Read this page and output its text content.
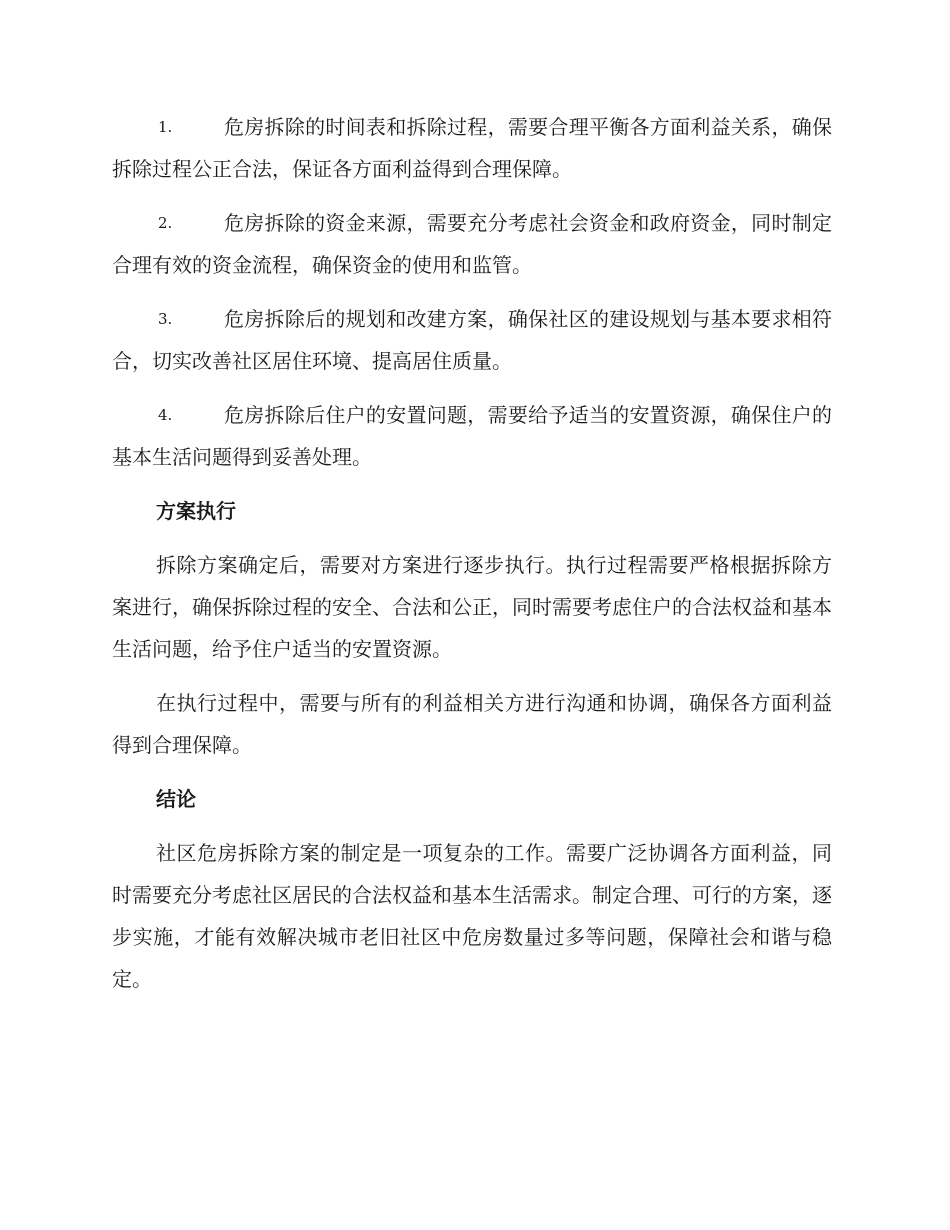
1.	危房拆除的时间表和拆除过程，需要合理平衡各方面利益关系，确保拆除过程公正合法，保证各方面利益得到合理保障。
2.	危房拆除的资金来源，需要充分考虑社会资金和政府资金，同时制定合理有效的资金流程，确保资金的使用和监管。
3.	危房拆除后的规划和改建方案，确保社区的建设规划与基本要求相符合，切实改善社区居住环境、提高居住质量。
4.	危房拆除后住户的安置问题，需要给予适当的安置资源，确保住户的基本生活问题得到妥善处理。
方案执行

拆除方案确定后，需要对方案进行逐步执行。执行过程需要严格根据拆除方案进行，确保拆除过程的安全、合法和公正，同时需要考虑住户的合法权益和基本生活问题，给予住户适当的安置资源。

在执行过程中，需要与所有的利益相关方进行沟通和协调，确保各方面利益得到合理保障。

结论

社区危房拆除方案的制定是一项复杂的工作。需要广泛协调各方面利益，同时需要充分考虑社区居民的合法权益和基本生活需求。制定合理、可行的方案，逐步实施，才能有效解决城市老旧社区中危房数量过多等问题，保障社会和谐与稳定。
